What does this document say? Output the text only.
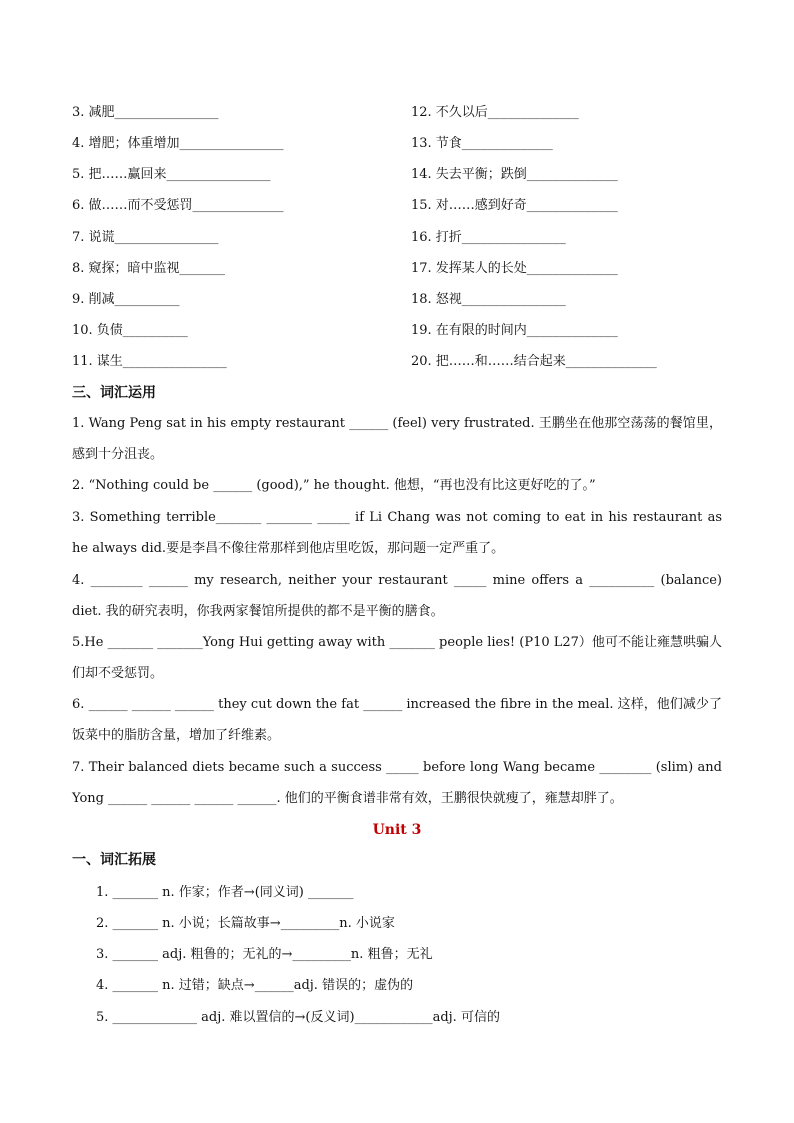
3. 减肥________________	12. 不久以后______________
4. 增肥；体重增加________________	13. 节食______________
5. 把……赢回来________________	14. 失去平衡；跌倒______________
6. 做……而不受惩罚______________	15. 对……感到好奇______________
7. 说谎________________	16. 打折________________
8. 窥探；暗中监视_______	17. 发挥某人的长处______________
9. 削减__________	18. 怒视________________
10. 负债__________	19. 在有限的时间内______________
11. 谋生________________	20. 把……和……结合起来______________
三、词汇运用
1. Wang Peng sat in his empty restaurant ______ (feel) very frustrated. 王鹏坐在他那空荡荡的餐馆里，感到十分沮丧。
2. “Nothing could be ______ (good),” he thought. 他想，“再也没有比这更好吃的了。”
3. Something terrible_______ _______ _____ if Li Chang was not coming to eat in his restaurant as he always did.要是李昌不像往常那样到他店里吃饭，那问题一定严重了。
4. ________ ______ my research, neither your restaurant _____ mine offers a __________ (balance) diet. 我的研究表明，你我两家餐馆所提供的都不是平衡的膳食。
5.He _______ _______Yong Hui getting away with _______ people lies! (P10 L27）他可不能让雍慧哄骗人们却不受惩罚。
6. ______ ______ ______ they cut down the fat ______ increased the fibre in the meal. 这样，他们减少了饭菜中的脂肪含量，增加了纤维素。
7. Their balanced diets became such a success _____ before long Wang became ________ (slim) and Yong ______ ______ ______ ______. 他们的平衡食谱非常有效，王鹏很快就瘦了，雍慧却胖了。
Unit 3
一、词汇拓展
1. _______ n. 作家；作者→(同义词) _______
2. _______ n. 小说；长篇故事→_________n. 小说家
3. _______ adj. 粗鲁的；无礼的→_________n. 粗鲁；无礼
4. _______ n. 过错；缺点→______adj. 错误的；虚伪的
5. _____________ adj. 难以置信的→(反义词)____________adj. 可信的
